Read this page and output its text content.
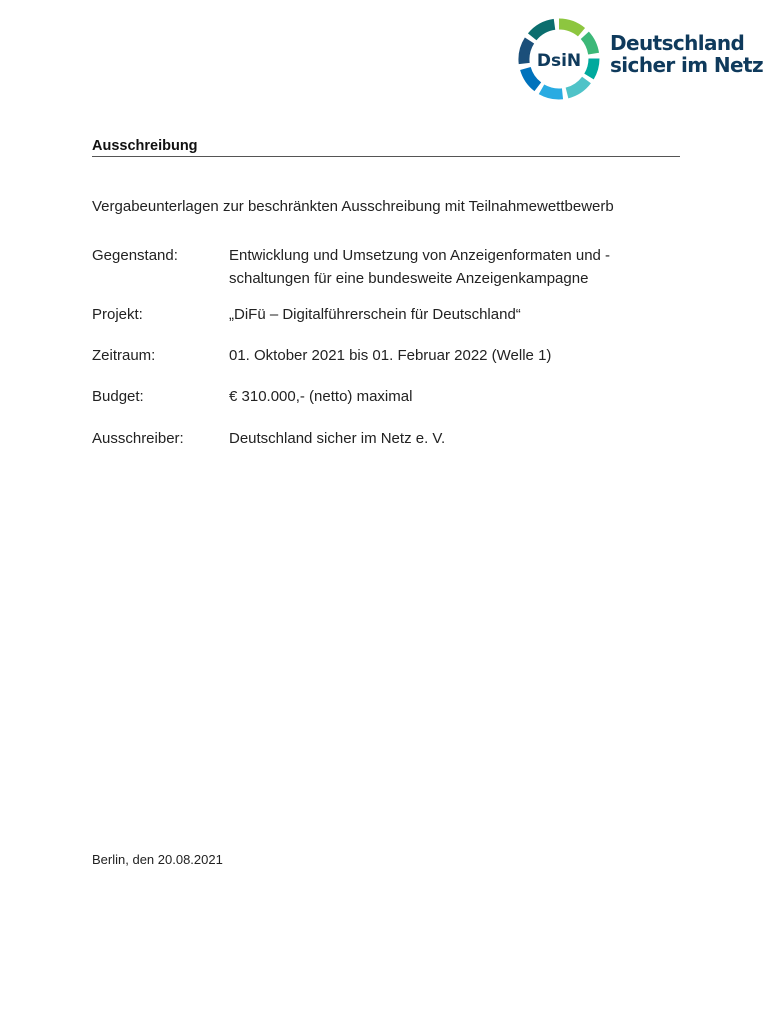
DsiN
Deutschland
sicher im Netz
Ausschreibung
Vergabeunterlagen zur beschränkten Ausschreibung mit Teilnahmewettbewerb
Gegenstand:	Entwicklung und Umsetzung von Anzeigenformaten und -
schaltungen für eine bundesweite Anzeigenkampagne
Projekt:	„DiFü – Digitalführerschein für Deutschland“
Zeitraum:	01. Oktober 2021 bis 01. Februar 2022 (Welle 1)
Budget:	€ 310.000,- (netto) maximal
Ausschreiber:	Deutschland sicher im Netz e. V.
Berlin, den 20.08.2021
